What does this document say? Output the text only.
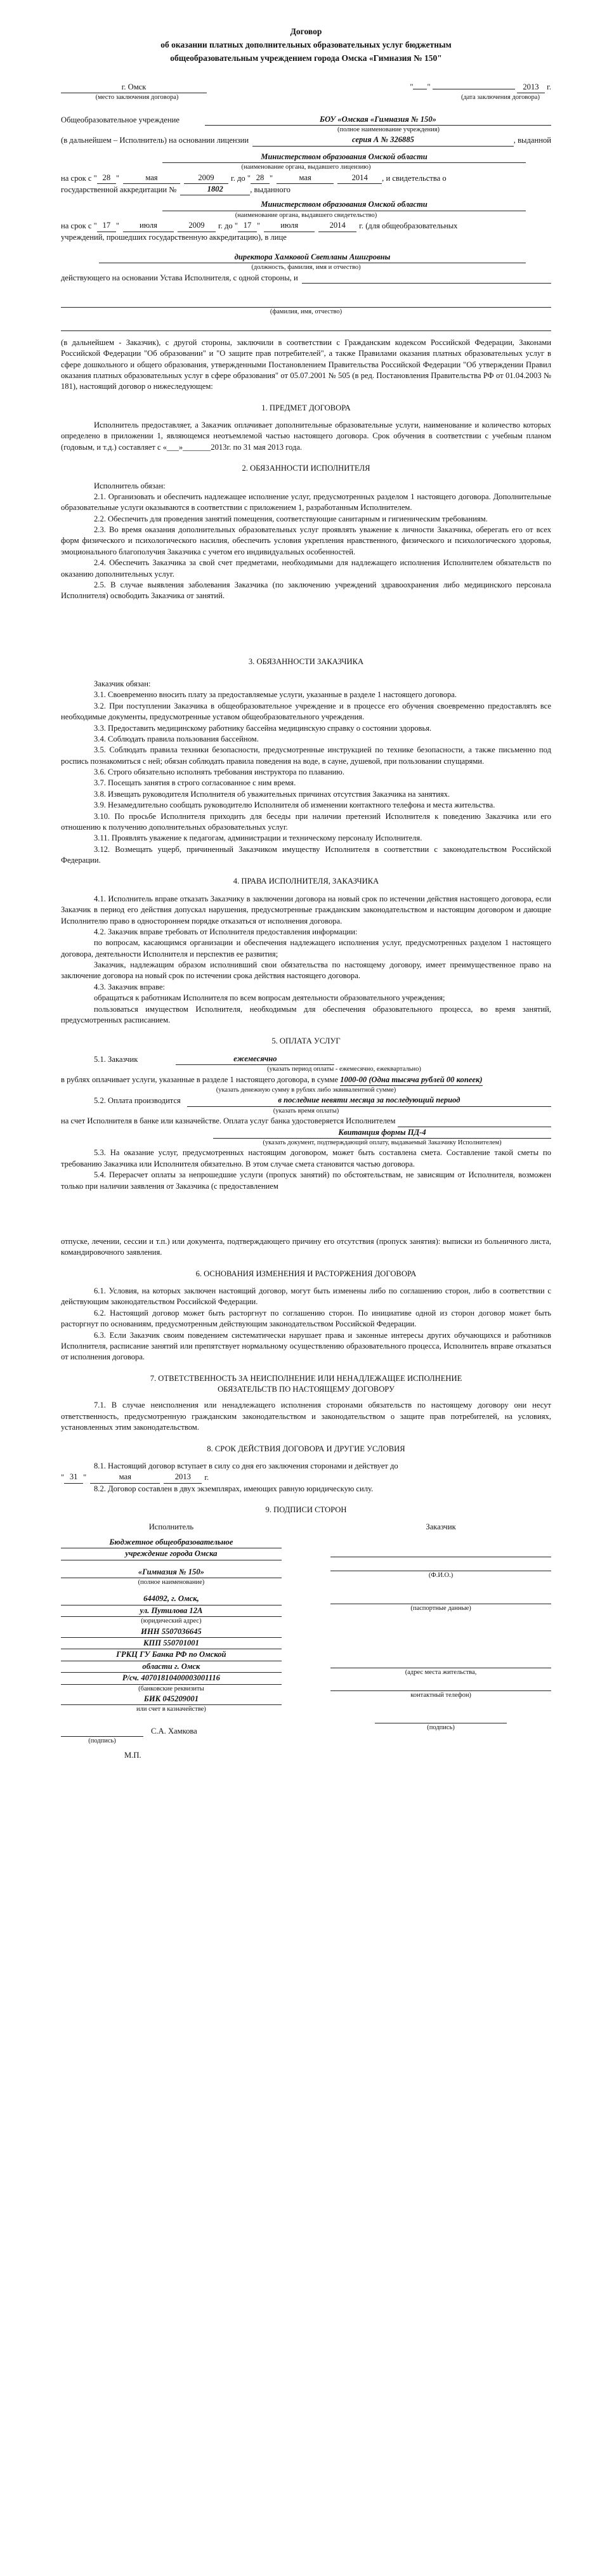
Договор
об оказании платных дополнительных образовательных услуг бюджетным
общеобразовательным учреждением города Омска «Гимназия № 150"
г. Омск	" "	2013 г.
(место заключения договора)	(дата заключения договора)
Общеобразовательное учреждение	БОУ «Омская «Гимназия № 150»
(полное наименование учреждения)
(в дальнейшем – Исполнитель) на основании лицензии	серия А № 326885	, выданной
Министерством образования Омской области
(наименование органа, выдавшего лицензию)
на срок с " 28 "	мая	2009	г. до " 28 "	мая	2014	, и свидетельства о
государственной аккредитации №	1802	, выданного
Министерством образования Омской области
(наименование органа, выдавшего свидетельство)
на срок с " 17 "	июля	2009	г. до " 17 "	июля	2014	г. (для общеобразовательных
учреждений, прошедших государственную аккредитацию), в лице
директора Хамковой Светланы Ашигровны
(должность, фамилия, имя и отчество)
действующего на основании Устава Исполнителя, с одной стороны, и
(фамилия, имя, отчество)

(в дальнейшем - Заказчик), с другой стороны, заключили в соответствии с Гражданским кодексом Российской Федерации, Законами Российской Федерации "Об образовании" и "О защите прав потребителей", а также Правилами оказания платных образовательных услуг в сфере дошкольного и общего образования, утвержденными Постановлением Правительства Российской Федерации "Об утверждении Правил оказания платных образовательных услуг в сфере образования" от 05.07.2001 № 505 (в ред. Постановления Правительства РФ от 01.04.2003 № 181), настоящий договор о нижеследующем:

1. ПРЕДМЕТ ДОГОВОРА

Исполнитель предоставляет, а Заказчик оплачивает дополнительные образовательные услуги, наименование и количество которых определено в приложении 1, являющемся неотъемлемой частью настоящего договора. Срок обучения в соответствии с учебным планом (годовым, и т.д.) составляет с «___»_______2013г. по 31 мая 2013 года.

2. ОБЯЗАННОСТИ ИСПОЛНИТЕЛЯ

Исполнитель обязан:

2.1. Организовать и обеспечить надлежащее исполнение услуг, предусмотренных разделом 1 настоящего договора. Дополнительные образовательные услуги оказываются в соответствии с приложением 1, разработанным Исполнителем.

2.2. Обеспечить для проведения занятий помещения, соответствующие санитарным и гигиеническим требованиям.

2.3. Во время оказания дополнительных образовательных услуг проявлять уважение к личности Заказчика, оберегать его от всех форм физического и психологического насилия, обеспечить условия укрепления нравственного, физического и психологического здоровья, эмоционального благополучия Заказчика с учетом его индивидуальных особенностей.

2.4. Обеспечить Заказчика за свой счет предметами, необходимыми для надлежащего исполнения Исполнителем обязательств по оказанию дополнительных услуг.

2.5. В случае выявления заболевания Заказчика (по заключению учреждений здравоохранения либо медицинского персонала Исполнителя) освободить Заказчика от занятий.

3. ОБЯЗАННОСТИ ЗАКАЗЧИКА

Заказчик обязан:

3.1. Своевременно вносить плату за предоставляемые услуги, указанные в разделе 1 настоящего договора.

3.2. При поступлении Заказчика в общеобразовательное учреждение и в процессе его обучения своевременно предоставлять все необходимые документы, предусмотренные уставом общеобразовательного учреждения.

3.3. Предоставить медицинскому работнику бассейна медицинскую справку о состоянии здоровья.

3.4. Соблюдать правила пользования бассейном.

3.5. Соблюдать правила техники безопасности, предусмотренные инструкцией по технике безопасности, а также письменно под роспись познакомиться с ней; обязан соблюдать правила поведения на воде, в сауне, душевой, при пользовании спущарями.

3.6. Строго обязательно исполнять требования инструктора по плаванию.

3.7. Посещать занятия в строго согласованное с ним время.

3.8. Извещать руководителя Исполнителя об уважительных причинах отсутствия Заказчика на занятиях.

3.9. Незамедлительно сообщать руководителю Исполнителя об изменении контактного телефона и места жительства.

3.10. По просьбе Исполнителя приходить для беседы при наличии претензий Исполнителя к поведению Заказчика или его отношению к получению дополнительных образовательных услуг.

3.11. Проявлять уважение к педагогам, администрации и техническому персоналу Исполнителя.

3.12. Возмещать ущерб, причиненный Заказчиком имуществу Исполнителя в соответствии с законодательством Российской Федерации.

4. ПРАВА ИСПОЛНИТЕЛЯ, ЗАКАЗЧИКА

4.1. Исполнитель вправе отказать Заказчику в заключении договора на новый срок по истечении действия настоящего договора, если Заказчик в период его действия допускал нарушения, предусмотренные гражданским законодательством и настоящим договором и дающие Исполнителю право в одностороннем порядке отказаться от исполнения договора.

4.2. Заказчик вправе требовать от Исполнителя предоставления информации:

по вопросам, касающимся организации и обеспечения надлежащего исполнения услуг, предусмотренных разделом 1 настоящего договора, деятельности Исполнителя и перспектив ее развития;

Заказчик, надлежащим образом исполнивший свои обязательства по настоящему договору, имеет преимущественное право на заключение договора на новый срок по истечении срока действия настоящего договора.

4.3. Заказчик вправе:

обращаться к работникам Исполнителя по всем вопросам деятельности образовательного учреждения;

пользоваться имуществом Исполнителя, необходимым для обеспечения образовательного процесса, во время занятий, предусмотренных расписанием.

5. ОПЛАТА УСЛУГ
5.1. Заказчик	ежемесячно
(указать период оплаты - ежемесячно, ежеквартально)

в рублях оплачивает услуги, указанные в разделе 1 настоящего договора, в сумме 1000-00 (Одна тысяча рублей 00 копеек)

(указать денежную сумму в рублях либо эквивалентной сумме)
5.2. Оплата производится	в последние невяти месяца за последующий период
(указать время оплаты)
на счет Исполнителя в банке или казначействе. Оплата услуг банка удостоверяется Исполнителем
Квитанция формы ПД-4
(указать документ, подтверждающий оплату, выдаваемый Заказчику Исполнителем)

5.3. На оказание услуг, предусмотренных настоящим договором, может быть составлена смета. Составление такой сметы по требованию Заказчика или Исполнителя обязательно. В этом случае смета становится частью договора.

5.4. Перерасчет оплаты за непрошедшие услуги (пропуск занятий) по обстоятельствам, не зависящим от Исполнителя, возможен только при наличии заявления от Заказчика (с предоставлением

отпуске, лечении, сессии и т.п.) или документа, подтверждающего причину его отсутствия (пропуск занятия): выписки из больничного листа, командировочного заявления.

6. ОСНОВАНИЯ ИЗМЕНЕНИЯ И РАСТОРЖЕНИЯ ДОГОВОРА

6.1. Условия, на которых заключен настоящий договор, могут быть изменены либо по соглашению сторон, либо в соответствии с действующим законодательством Российской Федерации.

6.2. Настоящий договор может быть расторгнут по соглашению сторон. По инициативе одной из сторон договор может быть расторгнут по основаниям, предусмотренным действующим законодательством Российской Федерации.

6.3. Если Заказчик своим поведением систематически нарушает права и законные интересы других обучающихся и работников Исполнителя, расписание занятий или препятствует нормальному осуществлению образовательного процесса, Исполнитель вправе отказаться от исполнения договора.

7. ОТВЕТСТВЕННОСТЬ ЗА НЕИСПОЛНЕНИЕ ИЛИ НЕНАДЛЕЖАЩЕЕ ИСПОЛНЕНИЕ
ОБЯЗАТЕЛЬСТВ ПО НАСТОЯЩЕМУ ДОГОВОРУ

7.1. В случае неисполнения или ненадлежащего исполнения сторонами обязательств по настоящему договору они несут ответственность, предусмотренную гражданским законодательством и законодательством о защите прав потребителей, на условиях, установленных этим законодательством.

8. СРОК ДЕЙСТВИЯ ДОГОВОРА И ДРУГИЕ УСЛОВИЯ

8.1. Настоящий договор вступает в силу со дня его заключения сторонами и действует до

" 31 "	мая	2013	г.

8.2. Договор составлен в двух экземплярах, имеющих равную юридическую силу.

9. ПОДПИСИ СТОРОН
Исполнитель
Бюджетное общеобразовательное
учреждение города Омска
«Гимназия № 150»
(полное наименование)
644092, г. Омск,
ул. Путилова 12А
(юридический адрес)
ИНН 5507036645
КПП 550701001
ГРКЦ ГУ Банка РФ по Омской
области г. Омск
Р/сч. 40701810400003001116
(банковские реквизиты
БИК 045209001
или счет в казначействе)
С.А. Хамкова
(подпись)
М.П.
Заказчик
(Ф.И.О.)
(паспортные данные)
(адрес места жительства,
контактный телефон)
(подпись)
